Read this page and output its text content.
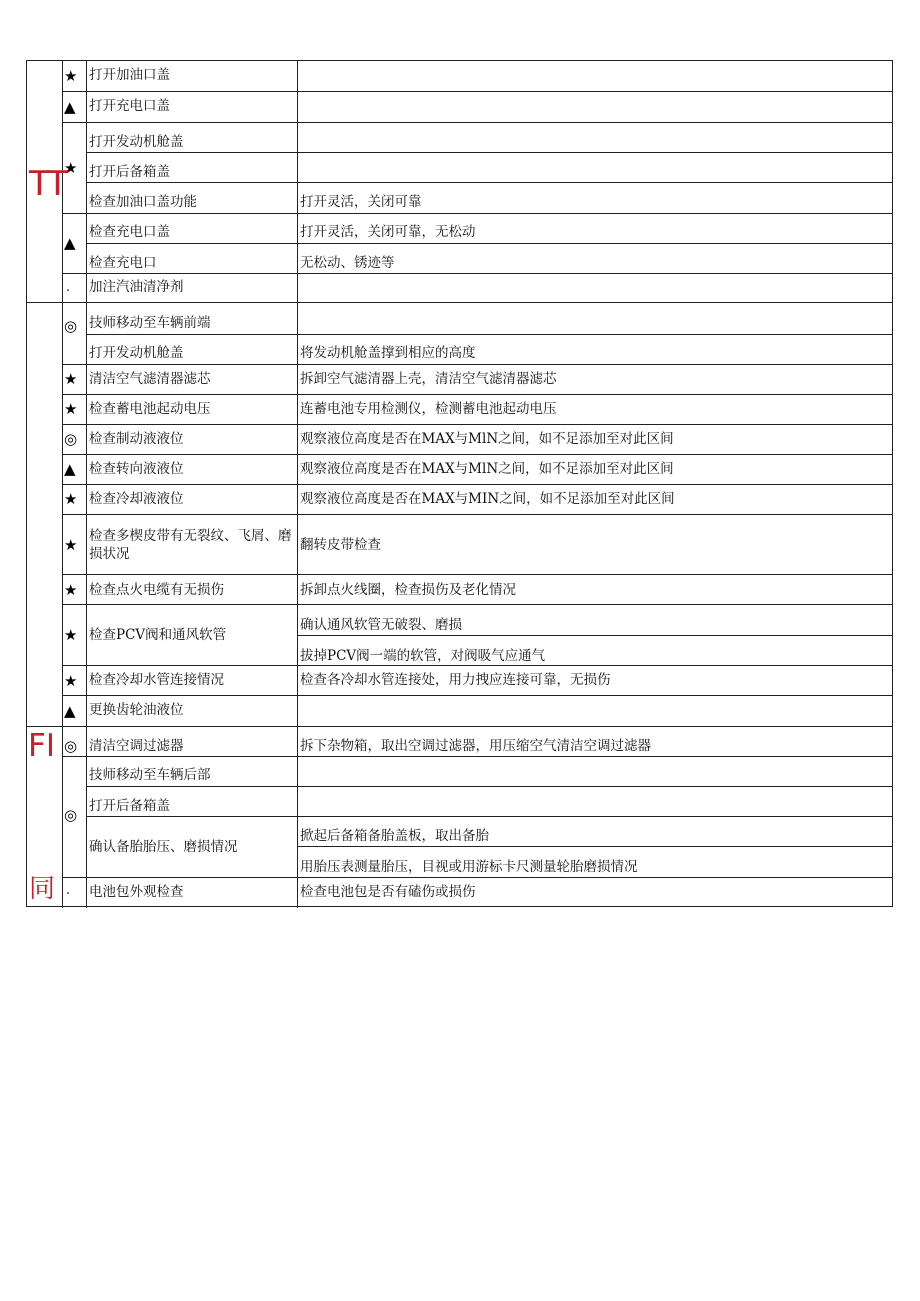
TT
FI
同
★
▲
★
▲
.
◎
★
★
◎
▲
★
★
★
★
★
▲
◎
◎
.
打开加油口盖
打开充电口盖
打开发动机舱盖
打开后备箱盖
检查加油口盖功能
检查充电口盖
检查充电口
加注汽油清净剂
技师移动至车辆前端
打开发动机舱盖
清洁空气滤清器滤芯
检查蓄电池起动电压
检查制动液液位
检查转向液液位
检查冷却液液位
检查多楔皮带有无裂纹、飞屑、磨损状况
检查点火电缆有无损伤
检查PCV阀和通风软管
检查冷却水管连接情况
更换齿轮油液位
清洁空调过滤器
技师移动至车辆后部
打开后备箱盖
确认备胎胎压、磨损情况
电池包外观检查
打开灵活，关闭可靠
打开灵活，关闭可靠，无松动
无松动、锈迹等
将发动机舱盖撑到相应的高度
拆卸空气滤清器上壳，清洁空气滤清器滤芯
连蓄电池专用检测仪，检测蓄电池起动电压
观察液位高度是否在MAX与MlN之间，如不足添加至对此区间
观察液位高度是否在MAX与MlN之间，如不足添加至对此区间
观察液位高度是否在MAX与MIN之间，如不足添加至对此区间
翻转皮带检查
拆卸点火线圈，检查损伤及老化情况
确认通风软管无破裂、磨损
拔掉PCV阀一端的软管，对阀吸气应通气
检查各冷却水管连接处，用力拽应连接可靠，无损伤
拆下杂物箱，取出空调过滤器，用压缩空气清洁空调过滤器
掀起后备箱备胎盖板，取出备胎
用胎压表测量胎压，目视或用游标卡尺测量轮胎磨损情况
检查电池包是否有磕伤或损伤
